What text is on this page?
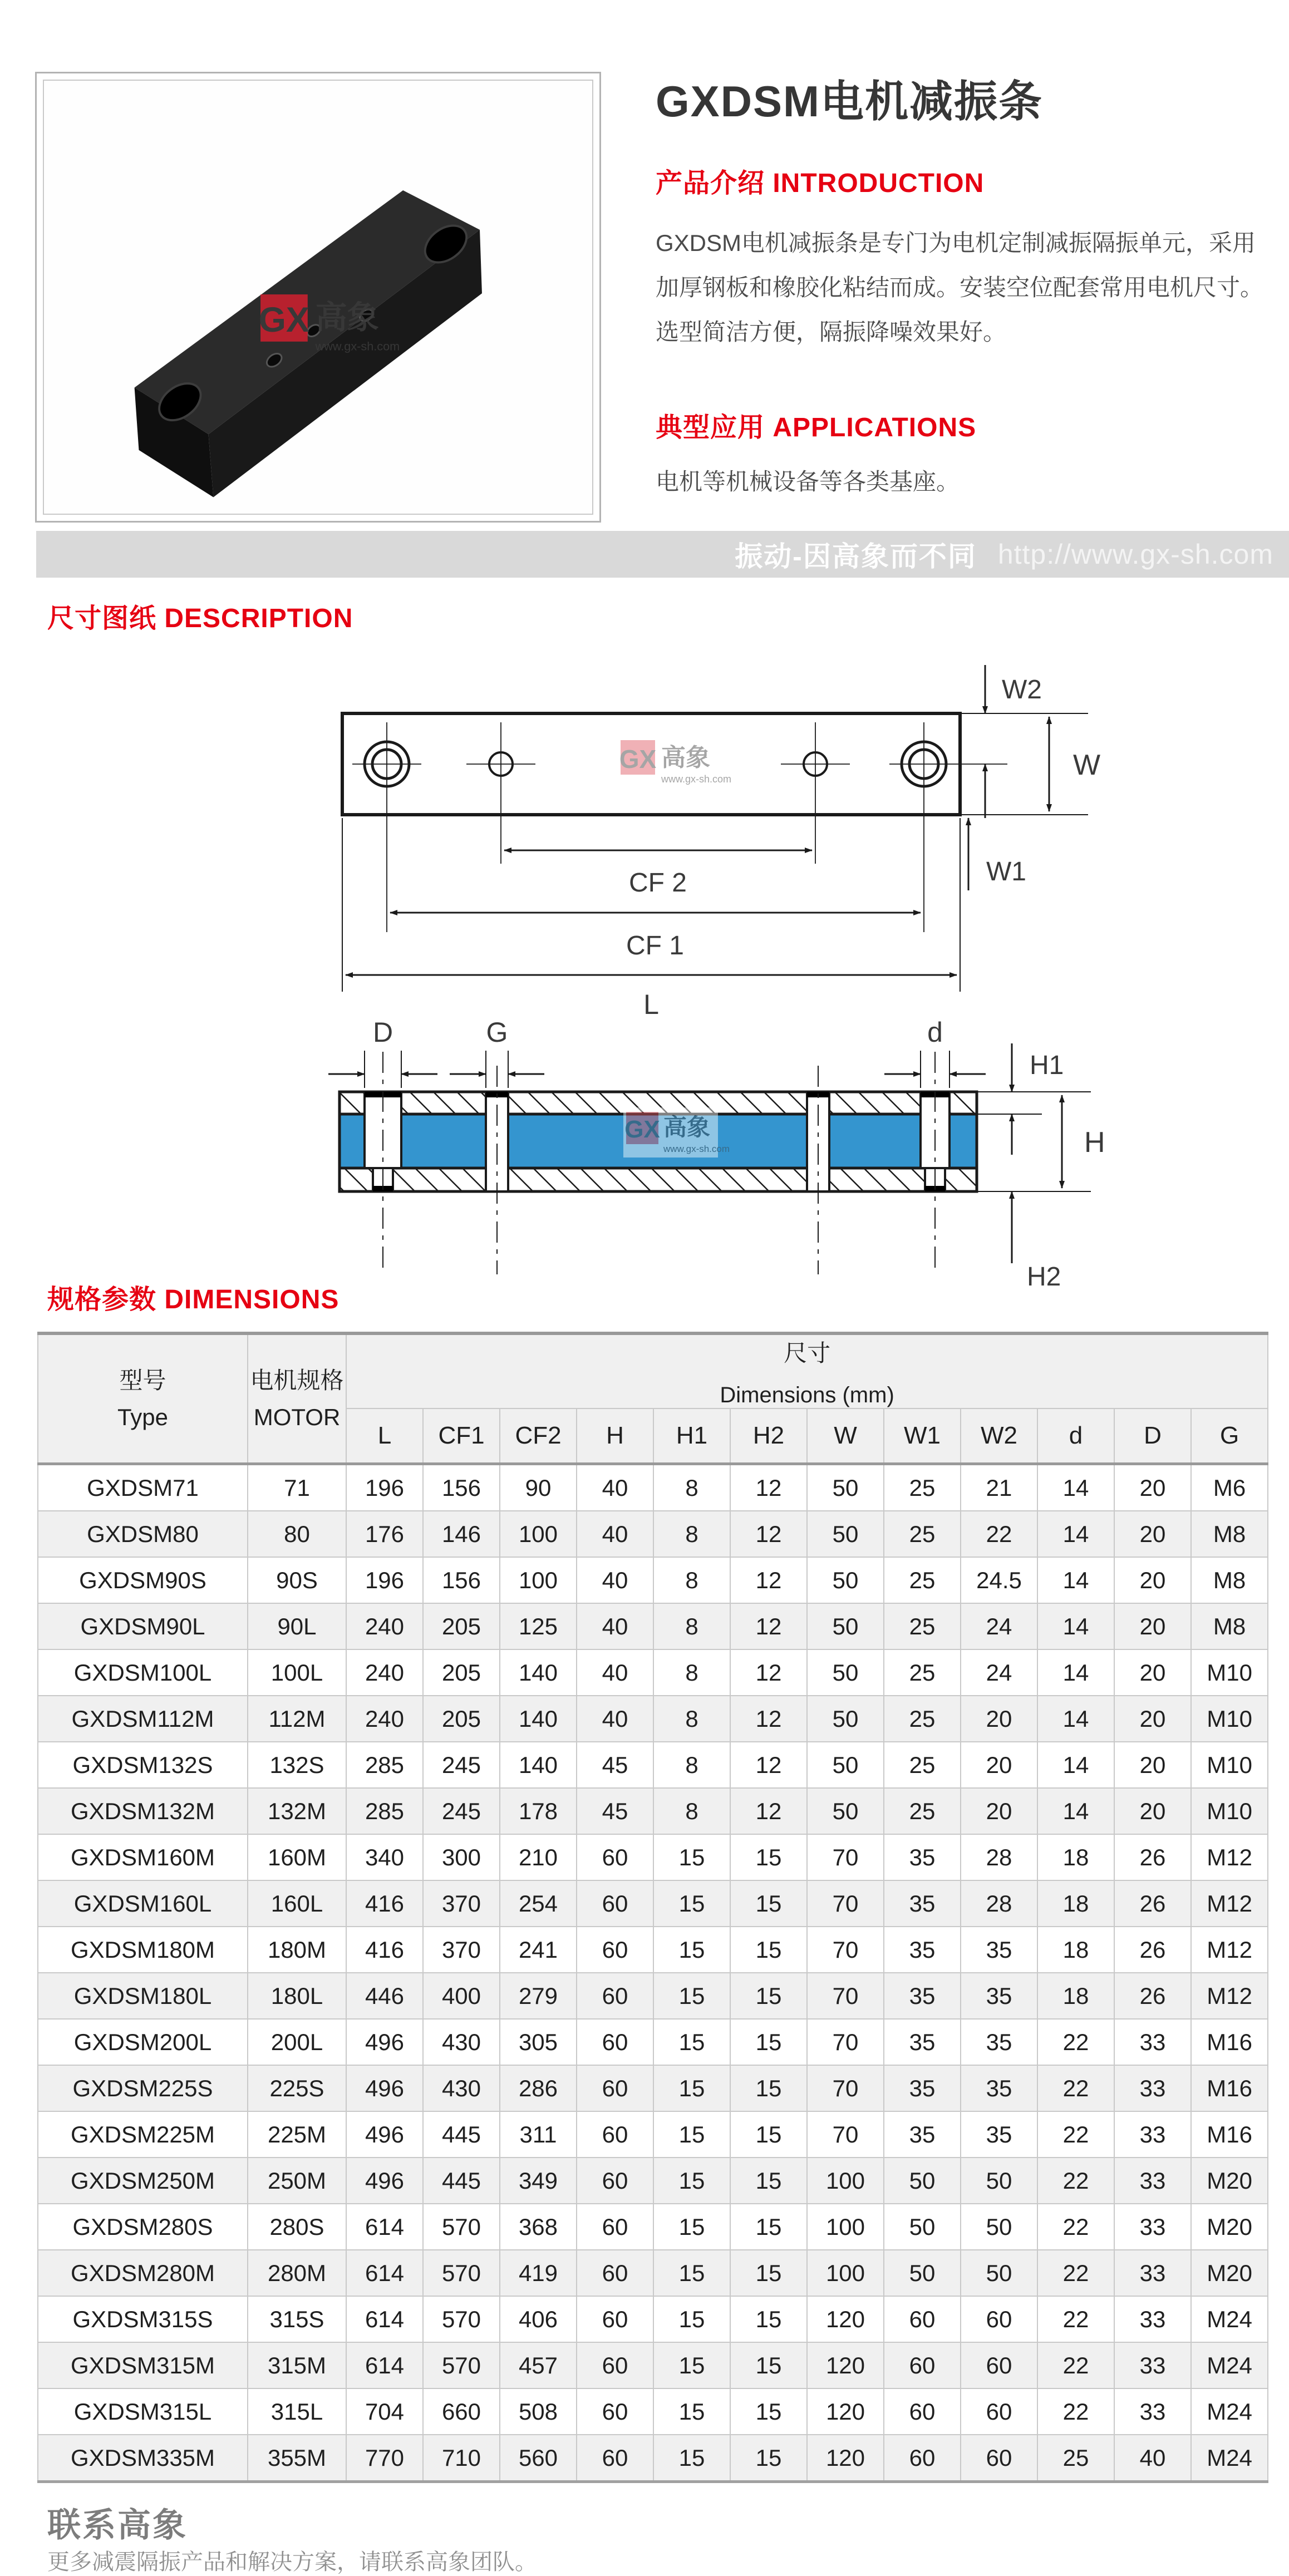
GX 高象
www.gx-sh.com
GXDSM电机减振条
产品介绍 INTRODUCTION

GXDSM电机减振条是专门为电机定制减振隔振单元，采用加厚钢板和橡胶化粘结而成。安装空位配套常用电机尺寸。选型简洁方便，隔振降噪效果好。

典型应用 APPLICATIONS

电机等机械设备等各类基座。

振动-因高象而不同 http://www.gx-sh.com
尺寸图纸 DESCRIPTION
W2
W
W1
CF 2
CF 1
L
GX 高象
www.gx-sh.com
D	G	d
H1
H
H2
GX 高象
www.gx-sh.com
规格参数 DIMENSIONS
型号
Type

电机规格
MOTOR

尺寸
Dimensions (mm)

		L	CF1	CF2	H	H1	H2	W	W1	W2	d	D	G
GXDSM71	71	196	156	90	40	8	12	50	25	21	14	20	M6
GXDSM80	80	176	146	100	40	8	12	50	25	22	14	20	M8
GXDSM90S	90S	196	156	100	40	8	12	50	25	24.5	14	20	M8
GXDSM90L	90L	240	205	125	40	8	12	50	25	24	14	20	M8
GXDSM100L	100L	240	205	140	40	8	12	50	25	24	14	20	M10
GXDSM112M	112M	240	205	140	40	8	12	50	25	20	14	20	M10
GXDSM132S	132S	285	245	140	45	8	12	50	25	20	14	20	M10
GXDSM132M	132M	285	245	178	45	8	12	50	25	20	14	20	M10
GXDSM160M	160M	340	300	210	60	15	15	70	35	28	18	26	M12
GXDSM160L	160L	416	370	254	60	15	15	70	35	28	18	26	M12
GXDSM180M	180M	416	370	241	60	15	15	70	35	35	18	26	M12
GXDSM180L	180L	446	400	279	60	15	15	70	35	35	18	26	M12
GXDSM200L	200L	496	430	305	60	15	15	70	35	35	22	33	M16
GXDSM225S	225S	496	430	286	60	15	15	70	35	35	22	33	M16
GXDSM225M	225M	496	445	311	60	15	15	70	35	35	22	33	M16
GXDSM250M	250M	496	445	349	60	15	15	100	50	50	22	33	M20
GXDSM280S	280S	614	570	368	60	15	15	100	50	50	22	33	M20
GXDSM280M	280M	614	570	419	60	15	15	100	50	50	22	33	M20
GXDSM315S	315S	614	570	406	60	15	15	120	60	60	22	33	M24
GXDSM315M	315M	614	570	457	60	15	15	120	60	60	22	33	M24
GXDSM315L	315L	704	660	508	60	15	15	120	60	60	22	33	M24
GXDSM335M	355M	770	710	560	60	15	15	120	60	60	25	40	M24
联系高象
更多减震隔振产品和解决方案，请联系高象团队。
